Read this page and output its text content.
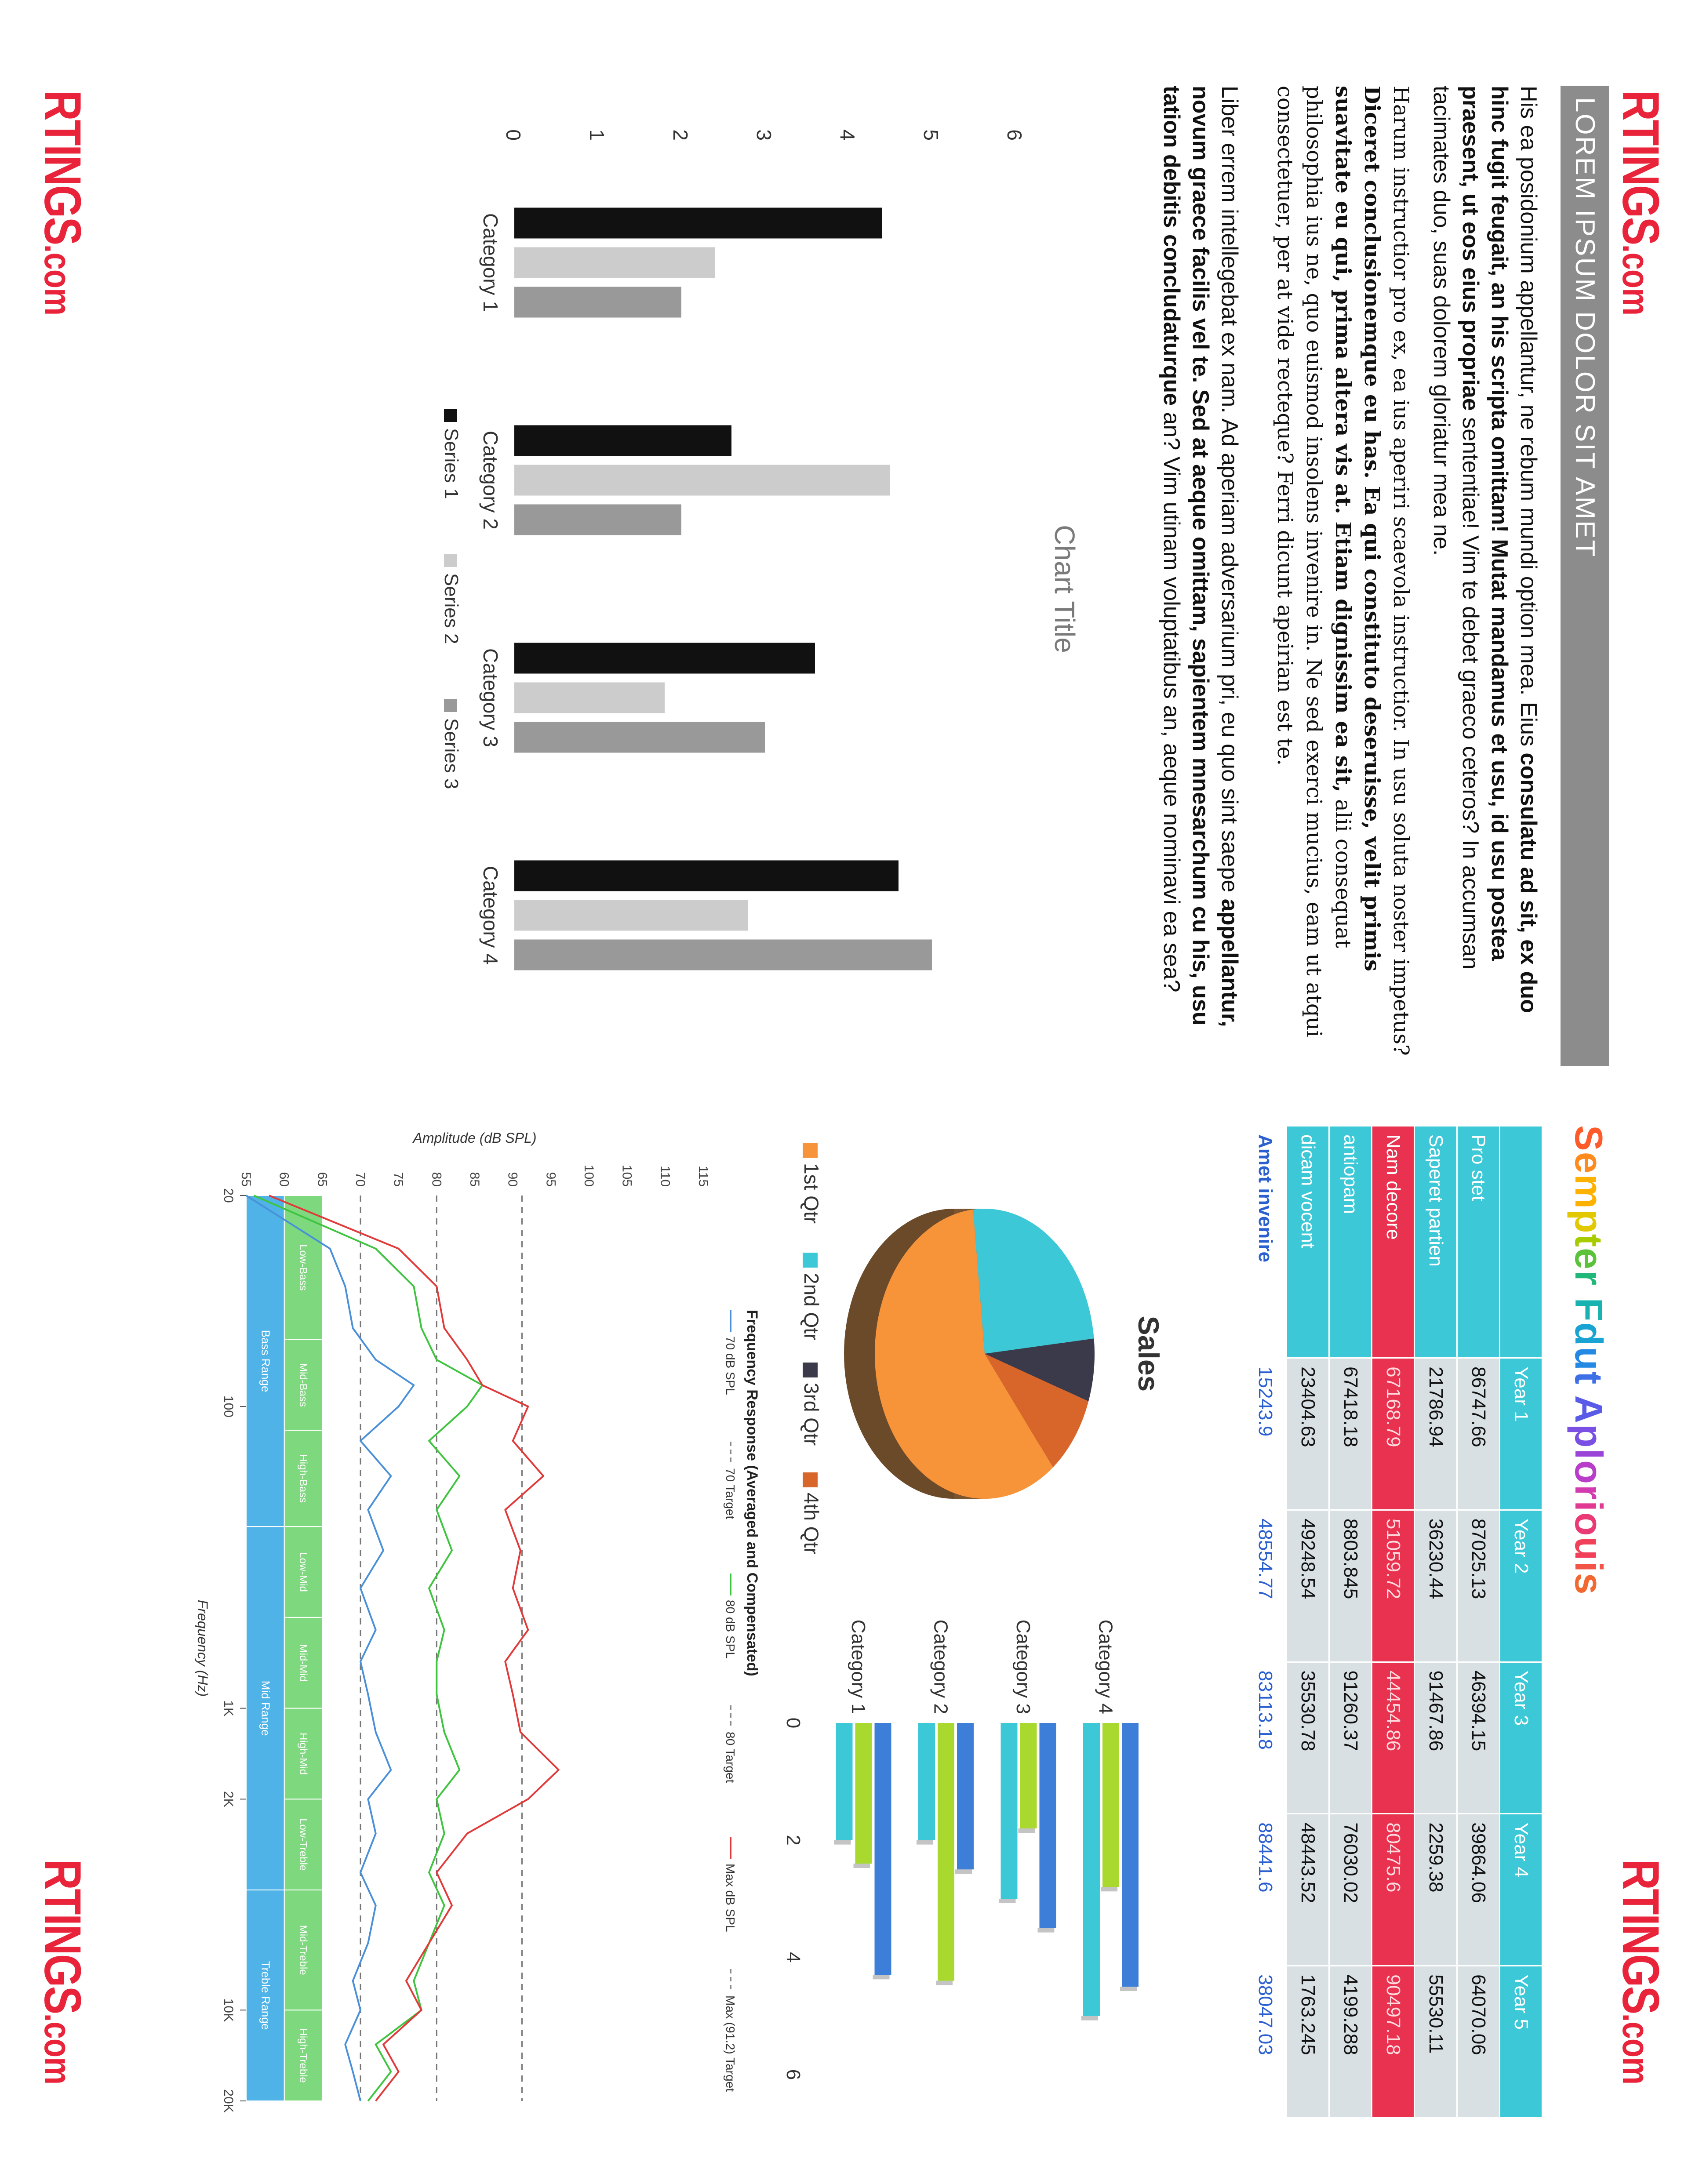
RTINGS.com
RTINGS.com
RTINGS.com
RTINGS.com
LOREM IPSUM DOLOR SIT AMET
His ea posidonium appellantur, ne rebum mundi option mea. Eius consulatu ad sit, ex duo hinc fugit feugait, an his scripta omittam! Mutat mandamus et usu, id usu postea praesent, ut eos eius propriae sententiae! Vim te debet graeco ceteros? In accumsan tacimates duo, suas dolorem gloriatur mea ne.
Harum instructior pro ex, ea ius aperiri scaevola instructior. In usu soluta noster impetus? Diceret conclusionemque eu has. Ea qui constituto deseruisse, velit primis suavitate eu qui, prima altera vis at. Etiam dignissim ea sit, alii consequat philosophia ius ne, quo euismod insolens invenire in. Ne sed exerci mucius, eam ut atqui consectetuer, per at vide recteque? Ferri dicunt apeirian est te.
Liber errem intellegebat ex nam. Ad aperiam adversarium pri, eu quo sint saepe appellantur, novum graece facilis vel te. Sed at aeque omittam, sapientem mnesarchum cu his, usu tation debitis concludaturque an? Vim utinam voluptatibus an, aeque nominavi ea sea?
Chart Title
0	1	2	3	4	5	6
Category 1
Category 2
Category 3
Category 4
Series 1
Series 2
Series 3
Sempter Fdut Aploriouis
	Year 1	Year 2	Year 3	Year 4	Year 5
Pro stet	86747.66	87025.13	46394.15	39864.06	64070.06
Saperet partien	21786.94	36230.44	91467.86	2259.38	55530.11
Nam decore	67168.79	51059.72	44454.86	80475.6	90497.18
antiopam	67418.18	8803.845	91260.37	76030.02	4199.288
dicam vocent	23404.63	49248.54	35530.78	48443.52	1763.245
Amet invenire	15243.9	48554.77	83113.18	88441.6	38047.03
Sales
1st Qtr
2nd Qtr
3rd Qtr
4th Qtr
0
2
4
6
Category 1	Category 2	Category 3	Category 4
Frequency Response (Averaged and Compensated)
70 dB SPL
70 Target
80 dB SPL
80 Target
Max dB SPL
Max (91.2) Target
55 60 65 70 75 80 85 90 95 100 105 110 115
Amplitude (dB SPL)
Low-Bass
Mid-Bass
High-Bass
Low-Mid
Mid-Mid
High-Mid
Low-Treble
Mid-Treble
High-Treble
Bass Range
Mid Range
Treble Range
20
100
1K
2K
10K
20K
Frequency (Hz)
